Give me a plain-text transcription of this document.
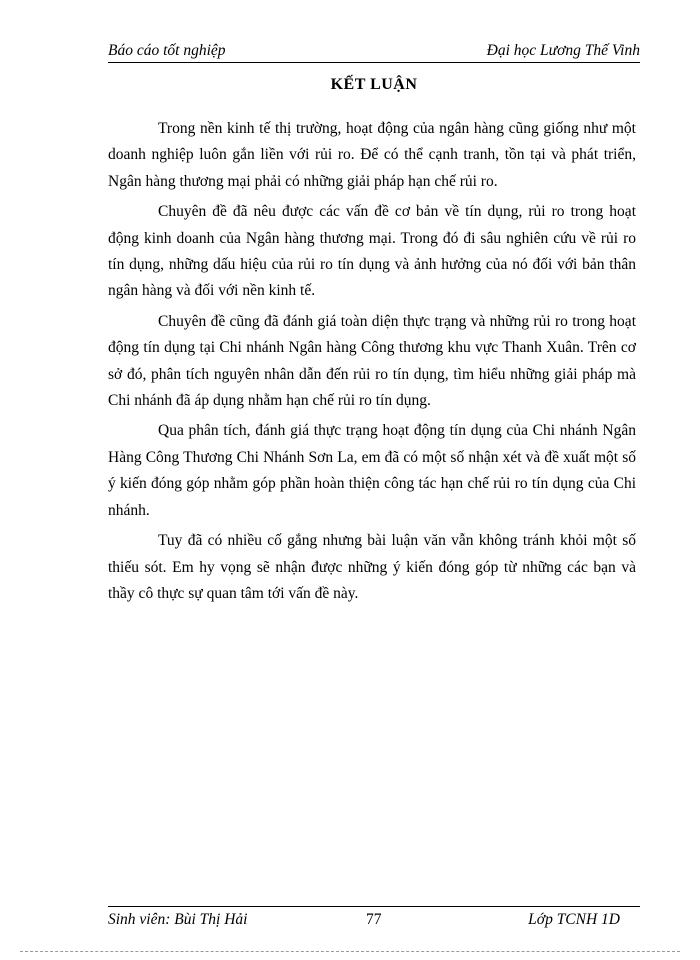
Báo cáo tốt nghiệp	Đại học Lương Thế Vinh
KẾT LUẬN

Trong nền kinh tế thị trường, hoạt động của ngân hàng cũng giống như một doanh nghiệp luôn gắn liền với rủi ro. Để có thể cạnh tranh, tồn tại và phát triển, Ngân hàng thương mại phải có những giải pháp hạn chế rủi ro.

Chuyên đề đã nêu được các vấn đề cơ bản về tín dụng, rủi ro trong hoạt động kinh doanh của Ngân hàng thương mại. Trong đó đi sâu nghiên cứu về rủi ro tín dụng, những dấu hiệu của rủi ro tín dụng và ảnh hưởng của nó đối với bản thân ngân hàng và đối với nền kinh tế.

Chuyên đề cũng đã đánh giá toàn diện thực trạng và những rủi ro trong hoạt động tín dụng tại Chi nhánh Ngân hàng Công thương khu vực Thanh Xuân. Trên cơ sở đó, phân tích nguyên nhân dẫn đến rủi ro tín dụng, tìm hiểu những giải pháp mà Chi nhánh đã áp dụng nhằm hạn chế rủi ro tín dụng.

Qua phân tích, đánh giá thực trạng hoạt động tín dụng của Chi nhánh Ngân Hàng Công Thương Chi Nhánh Sơn La, em đã có một số nhận xét và đề xuất một số ý kiến đóng góp nhằm góp phần hoàn thiện công tác hạn chế rủi ro tín dụng của Chi nhánh.

Tuy đã có nhiều cố gắng nhưng bài luận văn vẫn không tránh khỏi một số thiếu sót. Em hy vọng sẽ nhận được những ý kiến đóng góp từ những các bạn và thầy cô thực sự quan tâm tới vấn đề này.

Sinh viên: Bùi Thị Hải	77	Lớp TCNH 1D
